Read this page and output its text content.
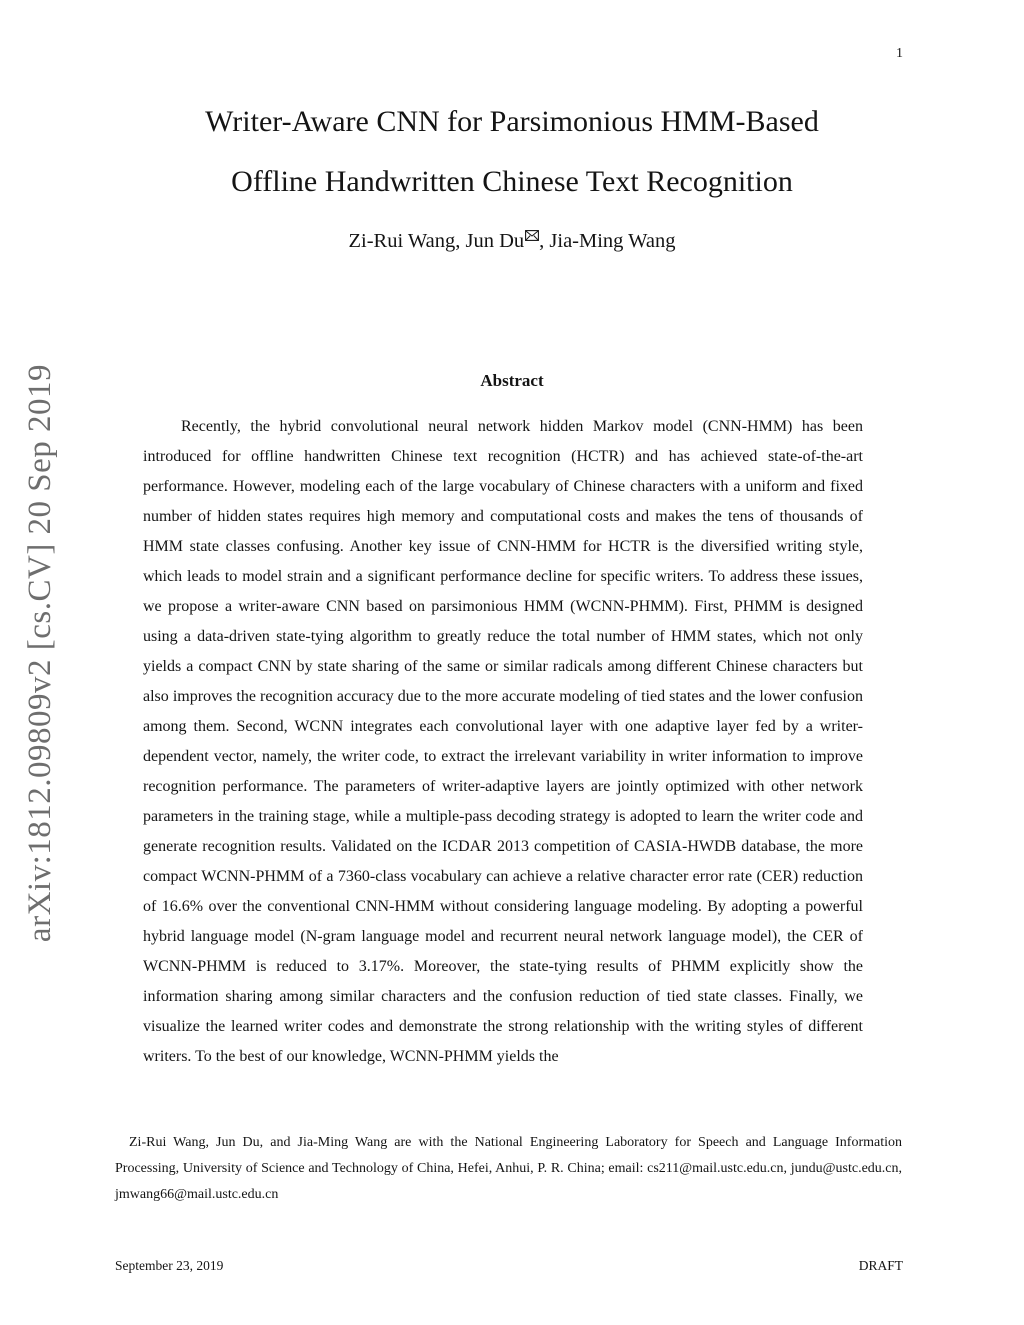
arXiv:1812.09809v2 [cs.CV] 20 Sep 2019
1
Writer-Aware CNN for Parsimonious HMM-Based
Offline Handwritten Chinese Text Recognition
Zi-Rui Wang, Jun Du , Jia-Ming Wang
Abstract
Recently, the hybrid convolutional neural network hidden Markov model (CNN-HMM) has been introduced for offline handwritten Chinese text recognition (HCTR) and has achieved state-of-the-art performance. However, modeling each of the large vocabulary of Chinese characters with a uniform and fixed number of hidden states requires high memory and computational costs and makes the tens of thousands of HMM state classes confusing. Another key issue of CNN-HMM for HCTR is the diversified writing style, which leads to model strain and a significant performance decline for specific writers. To address these issues, we propose a writer-aware CNN based on parsimonious HMM (WCNN-PHMM). First, PHMM is designed using a data-driven state-tying algorithm to greatly reduce the total number of HMM states, which not only yields a compact CNN by state sharing of the same or similar radicals among different Chinese characters but also improves the recognition accuracy due to the more accurate modeling of tied states and the lower confusion among them. Second, WCNN integrates each convolutional layer with one adaptive layer fed by a writer-dependent vector, namely, the writer code, to extract the irrelevant variability in writer information to improve recognition performance. The parameters of writer-adaptive layers are jointly optimized with other network parameters in the training stage, while a multiple-pass decoding strategy is adopted to learn the writer code and generate recognition results. Validated on the ICDAR 2013 competition of CASIA-HWDB database, the more compact WCNN-PHMM of a 7360-class vocabulary can achieve a relative character error rate (CER) reduction of 16.6% over the conventional CNN-HMM without considering language modeling. By adopting a powerful hybrid language model (N-gram language model and recurrent neural network language model), the CER of WCNN-PHMM is reduced to 3.17%. Moreover, the state-tying results of PHMM explicitly show the information sharing among similar characters and the confusion reduction of tied state classes. Finally, we visualize the learned writer codes and demonstrate the strong relationship with the writing styles of different writers. To the best of our knowledge, WCNN-PHMM yields the
Zi-Rui Wang, Jun Du, and Jia-Ming Wang are with the National Engineering Laboratory for Speech and Language Information Processing, University of Science and Technology of China, Hefei, Anhui, P. R. China; email: cs211@mail.ustc.edu.cn, jundu@ustc.edu.cn, jmwang66@mail.ustc.edu.cn
September 23, 2019	DRAFT
